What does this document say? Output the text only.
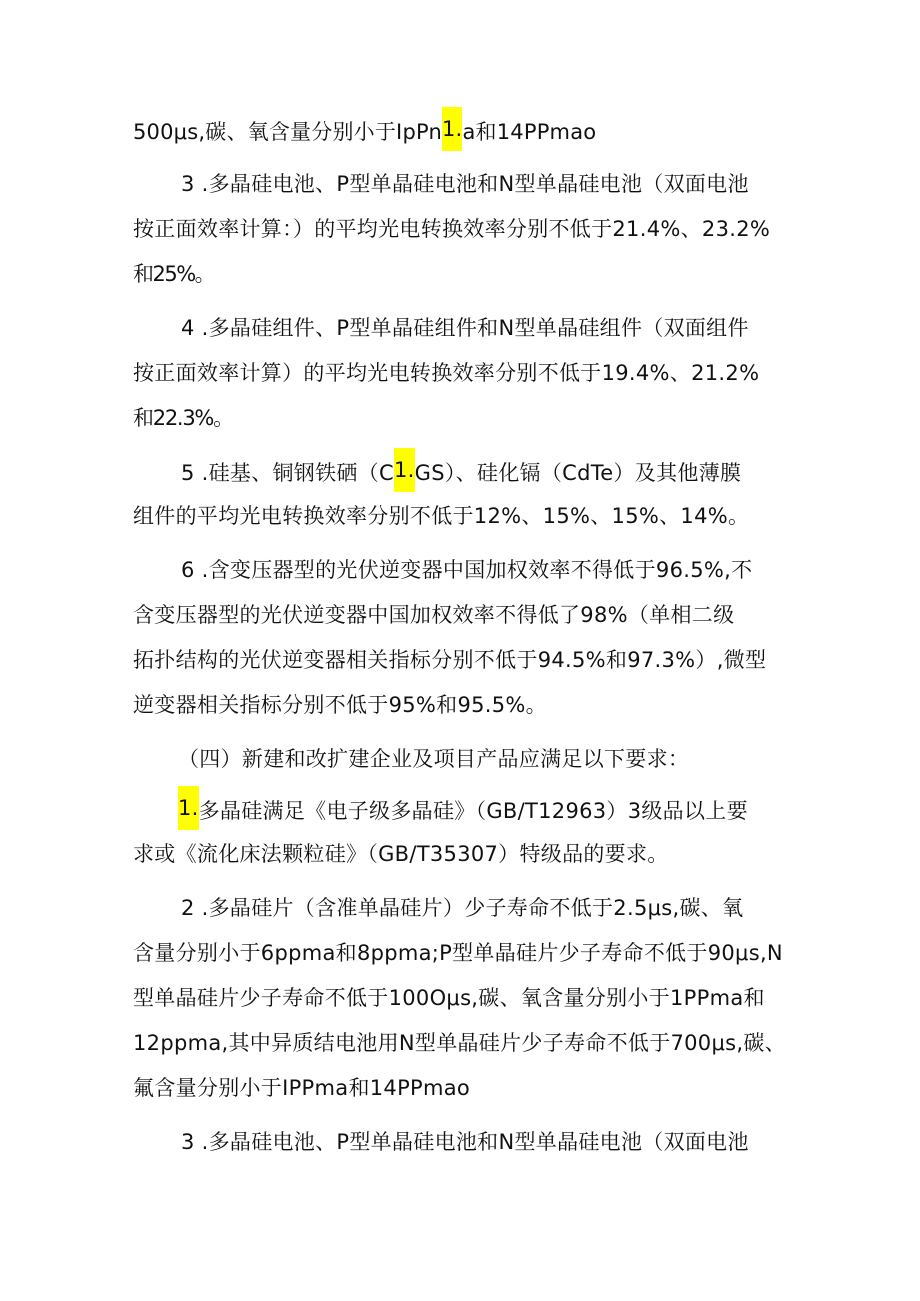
500μs,碳、氧含量分别小于IpPn1.a和14PPmao
3 .多晶硅电池、P型单晶硅电池和N型单晶硅电池（双面电池
按正面效率计算：）的平均光电转换效率分别不低于21.4%、23.2%
和25%。
4 .多晶硅组件、P型单晶硅组件和N型单晶硅组件（双面组件
按正面效率计算）的平均光电转换效率分别不低于19.4%、21.2%
和22.3%。
5 .硅基、铜钢铁硒（C1.GS）、硅化镉（CdTe）及其他薄膜
组件的平均光电转换效率分别不低于12%、15%、15%、14%。
6 .含变压器型的光伏逆变器中国加权效率不得低于96.5%,不
含变压器型的光伏逆变器中国加权效率不得低了98%（单相二级
拓扑结构的光伏逆变器相关指标分别不低于94.5%和97.3%）,微型
逆变器相关指标分别不低于95%和95.5%。
（四）新建和改扩建企业及项目产品应满足以下要求：
1.多晶硅满足《电子级多晶硅》（GB/T12963）3级品以上要
求或《流化床法颗粒硅》（GB/T35307）特级品的要求。
2 .多晶硅片（含准单晶硅片）少子寿命不低于2.5μs,碳、氧
含量分别小于6ppma和8ppma;P型单晶硅片少子寿命不低于90μs,N
型单晶硅片少子寿命不低于100Oμs,碳、氧含量分别小于1PPma和
12ppma,其中异质结电池用N型单晶硅片少子寿命不低于700μs,碳、
氟含量分别小于IPPma和14PPmao
3 .多晶硅电池、P型单晶硅电池和N型单晶硅电池（双面电池
